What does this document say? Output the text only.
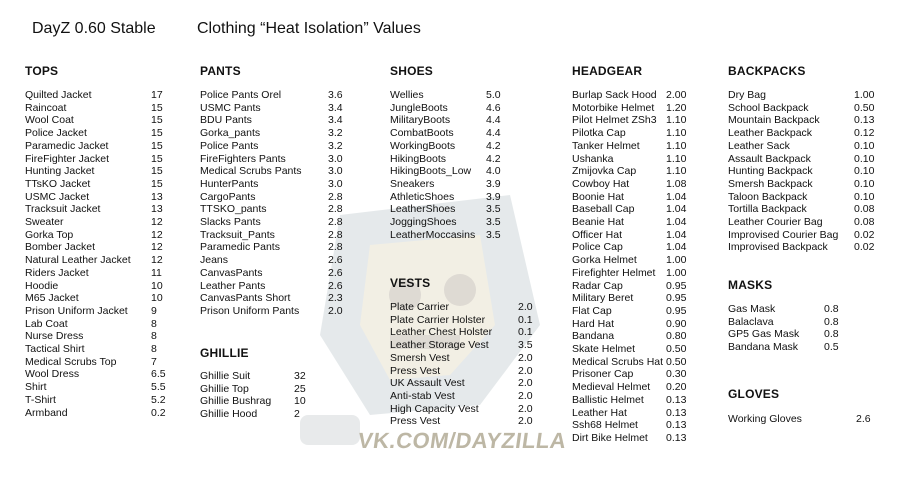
DayZ 0.60 Stable	Clothing “Heat Isolation” Values
VK.COM/DAYZILLA
TOPS	PANTS
GHILLIE
SHOES
VESTS
HEADGEAR	BACKPACKS
MASKS
GLOVES
Quilted Jacket	17
Raincoat	15
Wool Coat	15
Police Jacket	15
Paramedic Jacket	15
FireFighter Jacket	15
Hunting Jacket	15
TTsKO Jacket	15
USMC Jacket	13
Tracksuit Jacket	13
Sweater	12
Gorka Top	12
Bomber Jacket	12
Natural Leather Jacket	12
Riders Jacket	11
Hoodie	10
M65 Jacket	10
Prison Uniform Jacket	9
Lab Coat	8
Nurse Dress	8
Tactical Shirt	8
Medical Scrubs Top	7
Wool Dress	6.5
Shirt	5.5
T-Shirt	5.2
Armband	0.2
Police Pants Orel	3.6
USMC Pants	3.4
BDU Pants	3.4
Gorka_pants	3.2
Police Pants	3.2
FireFighters Pants	3.0
Medical Scrubs Pants	3.0
HunterPants	3.0
CargoPants	2.8
TTSKO_pants	2.8
Slacks Pants	2.8
Tracksuit_Pants	2.8
Paramedic Pants	2.8
Jeans	2.6
CanvasPants	2.6
Leather Pants	2.6
CanvasPants Short	2.3
Prison Uniform Pants	2.0
Ghillie Suit	32
Ghillie Top	25
Ghillie Bushrag	10
Ghillie Hood	2
Wellies	5.0
JungleBoots	4.6
MilitaryBoots	4.4
CombatBoots	4.4
WorkingBoots	4.2
HikingBoots	4.2
HikingBoots_Low	4.0
Sneakers	3.9
AthleticShoes	3.9
LeatherShoes	3.5
JoggingShoes	3.5
LeatherMoccasins	3.5
Plate Carrier	2.0
Plate Carrier Holster	0.1
Leather Chest Holster	0.1
Leather Storage Vest	3.5
Smersh Vest	2.0
Press Vest	2.0
UK Assault Vest	2.0
Anti-stab Vest	2.0
High Capacity Vest	2.0
Press Vest	2.0
Burlap Sack Hood 2.00
Motorbike Helmet	1.20
Pilot Helmet ZSh3 1.10
Pilotka Cap	1.10
Tanker Helmet	1.10
Ushanka	1.10
Zmijovka Cap	1.10
Cowboy Hat	1.08
Boonie Hat	1.04
Baseball Cap	1.04
Beanie Hat	1.04
Officer Hat	1.04
Police Cap	1.04
Gorka Helmet	1.00
Firefighter Helmet	1.00
Radar Cap	0.95
Military Beret	0.95
Flat Cap	0.95
Hard Hat	0.90
Bandana	0.80
Skate Helmet	0.50
Medical Scrubs Hat 0.50
Prisoner Cap	0.30
Medieval Helmet	0.20
Ballistic Helmet	0.13
Leather Hat	0.13
Ssh68 Helmet	0.13
Dirt Bike Helmet	0.13
Dry Bag	1.00
School Backpack	0.50
Mountain Backpack	0.13
Leather Backpack	0.12
Leather Sack	0.10
Assault Backpack	0.10
Hunting Backpack	0.10
Smersh Backpack	0.10
Taloon Backpack	0.10
Tortilla Backpack	0.08
Leather Courier Bag	0.08
Improvised Courier Bag	0.02
Improvised Backpack	0.02
Gas Mask	0.8
Balaclava	0.8
GP5 Gas Mask	0.8
Bandana Mask	0.5
Working Gloves	2.6
